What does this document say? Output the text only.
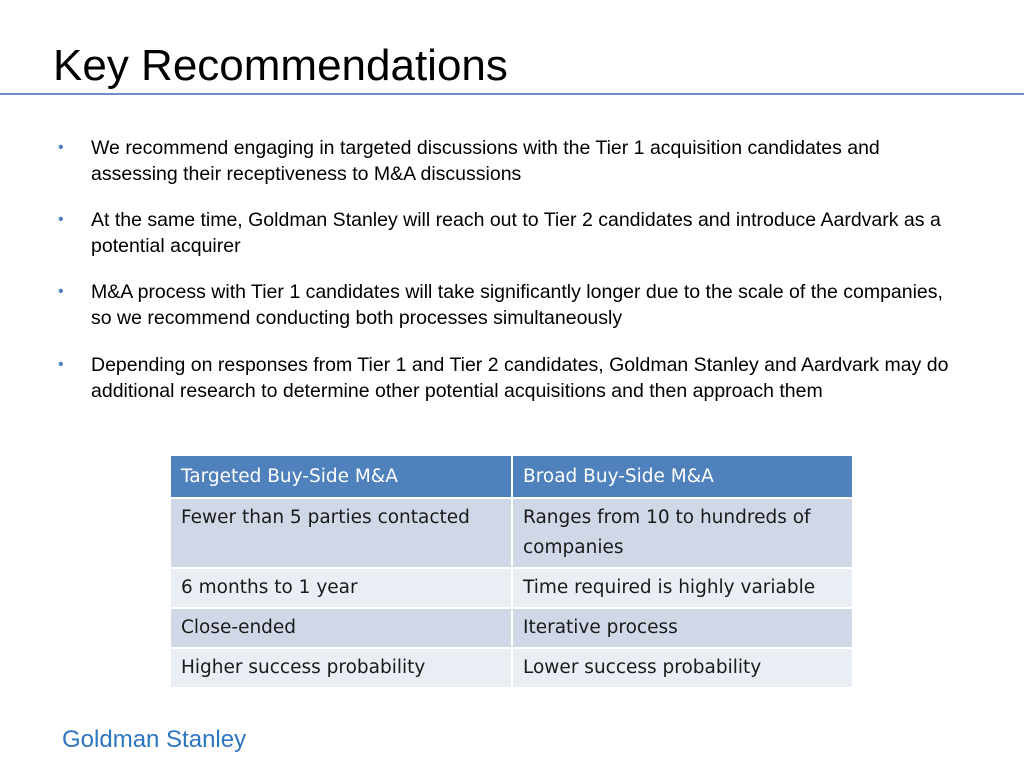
Key Recommendations
• We recommend engaging in targeted discussions with the Tier 1 acquisition candidates and assessing their receptiveness to M&A discussions
• At the same time, Goldman Stanley will reach out to Tier 2 candidates and introduce Aardvark as a potential acquirer
• M&A process with Tier 1 candidates will take significantly longer due to the scale of the companies, so we recommend conducting both processes simultaneously
• Depending on responses from Tier 1 and Tier 2 candidates, Goldman Stanley and Aardvark may do additional research to determine other potential acquisitions and then approach them
Targeted Buy-Side M&A	Broad Buy-Side M&A
Fewer than 5 parties contacted	Ranges from 10 to hundreds of companies
6 months to 1 year	Time required is highly variable
Close-ended	Iterative process
Higher success probability	Lower success probability
Goldman Stanley
